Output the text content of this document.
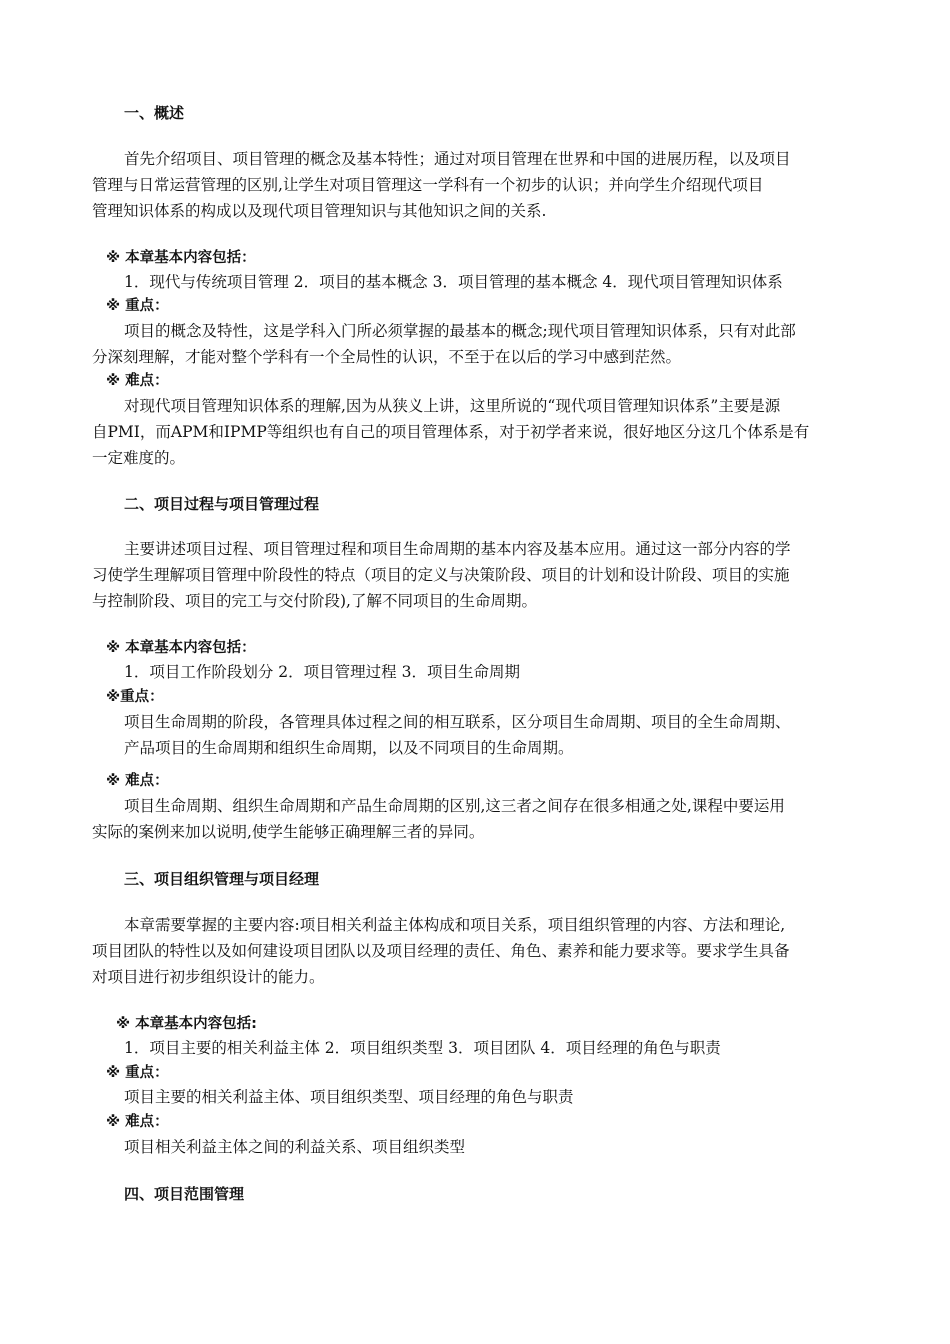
一、概述
首先介绍项目、项目管理的概念及基本特性；通过对项目管理在世界和中国的进展历程，以及项目
管理与日常运营管理的区别,让学生对项目管理这一学科有一个初步的认识；并向学生介绍现代项目
管理知识体系的构成以及现代项目管理知识与其他知识之间的关系.
※ 本章基本内容包括：
1．现代与传统项目管理 2．项目的基本概念 3．项目管理的基本概念 4．现代项目管理知识体系
※ 重点：
项目的概念及特性，这是学科入门所必须掌握的最基本的概念;现代项目管理知识体系，只有对此部
分深刻理解，才能对整个学科有一个全局性的认识，不至于在以后的学习中感到茫然。
※ 难点：
对现代项目管理知识体系的理解,因为从狭义上讲，这里所说的“现代项目管理知识体系”主要是源
自PMI，而APM和IPMP等组织也有自己的项目管理体系，对于初学者来说，很好地区分这几个体系是有
一定难度的。
二、项目过程与项目管理过程
主要讲述项目过程、项目管理过程和项目生命周期的基本内容及基本应用。通过这一部分内容的学
习使学生理解项目管理中阶段性的特点（项目的定义与决策阶段、项目的计划和设计阶段、项目的实施
与控制阶段、项目的完工与交付阶段),了解不同项目的生命周期。
※ 本章基本内容包括：
1．项目工作阶段划分 2．项目管理过程 3．项目生命周期
※重点：
项目生命周期的阶段，各管理具体过程之间的相互联系，区分项目生命周期、项目的全生命周期、
产品项目的生命周期和组织生命周期，以及不同项目的生命周期。
※ 难点：
项目生命周期、组织生命周期和产品生命周期的区别,这三者之间存在很多相通之处,课程中要运用
实际的案例来加以说明,使学生能够正确理解三者的异同。
三、项目组织管理与项目经理
本章需要掌握的主要内容:项目相关利益主体构成和项目关系，项目组织管理的内容、方法和理论,
项目团队的特性以及如何建设项目团队以及项目经理的责任、角色、素养和能力要求等。要求学生具备
对项目进行初步组织设计的能力。
※ 本章基本内容包括:
1．项目主要的相关利益主体 2．项目组织类型 3．项目团队 4．项目经理的角色与职责
※ 重点：
项目主要的相关利益主体、项目组织类型、项目经理的角色与职责
※ 难点：
项目相关利益主体之间的利益关系、项目组织类型
四、项目范围管理
